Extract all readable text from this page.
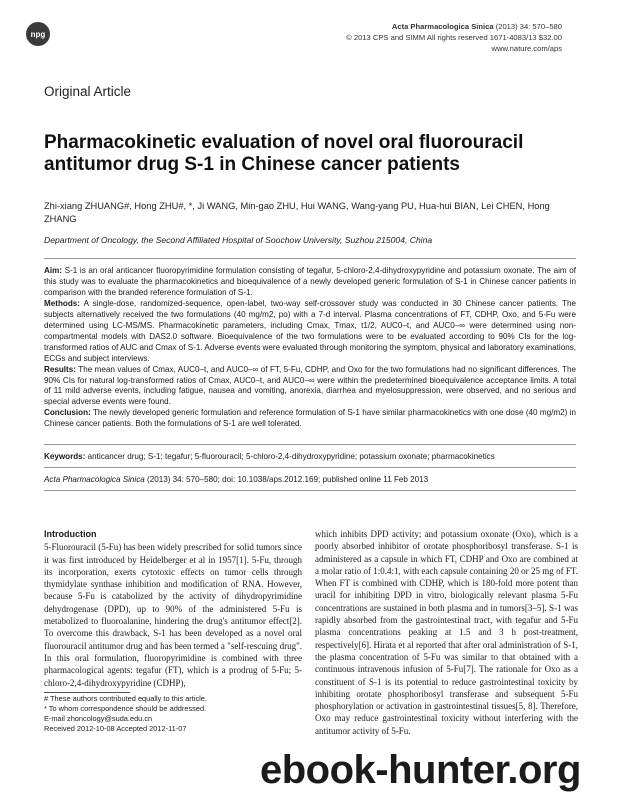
npg
Acta Pharmacologica Sinica (2013) 34: 570–580
© 2013 CPS and SIMM All rights reserved 1671-4083/13 $32.00
www.nature.com/aps
Original Article
Pharmacokinetic evaluation of novel oral fluorouracil antitumor drug S-1 in Chinese cancer patients
Zhi-xiang ZHUANG#, Hong ZHU#, *, Ji WANG, Min-gao ZHU, Hui WANG, Wang-yang PU, Hua-hui BIAN, Lei CHEN, Hong ZHANG
Department of Oncology, the Second Affiliated Hospital of Soochow University, Suzhou 215004, China

Aim: S-1 is an oral anticancer fluoropyrimidine formulation consisting of tegafur, 5-chloro-2,4-dihydroxypyridine and potassium oxonate. The aim of this study was to evaluate the pharmacokinetics and bioequivalence of a newly developed generic formulation of S-1 in Chinese cancer patients in comparison with the branded reference formulation of S-1.

Methods: A single-dose, randomized-sequence, open-label, two-way self-crossover study was conducted in 30 Chinese cancer patients. The subjects alternatively received the two formulations (40 mg/m2, po) with a 7-d interval. Plasma concentrations of FT, CDHP, Oxo, and 5-Fu were determined using LC-MS/MS. Pharmacokinetic parameters, including Cmax, Tmax, t1/2, AUC0–t, and AUC0–∞ were determined using non-compartmental models with DAS2.0 software. Bioequivalence of the two formulations were to be evaluated according to 90% CIs for the log-transformed ratios of AUC and Cmax of S-1. Adverse events were evaluated through monitoring the symptom, physical and laboratory examinations, ECGs and subject interviews.

Results: The mean values of Cmax, AUC0–t, and AUC0–∞ of FT, 5-Fu, CDHP, and Oxo for the two formulations had no significant differences. The 90% CIs for natural log-transformed ratios of Cmax, AUC0–t, and AUC0–∞ were within the predetermined bioequivalence acceptance limits. A total of 11 mild adverse events, including fatigue, nausea and vomiting, anorexia, diarrhea and myelosuppression, were observed, and no serious and special adverse events were found.

Conclusion: The newly developed generic formulation and reference formulation of S-1 have similar pharmacokinetics with one dose (40 mg/m2) in Chinese cancer patients. Both the formulations of S-1 are well tolerated.

Keywords: anticancer drug; S-1; tegafur; 5-fluorouracil; 5-chloro-2,4-dihydroxypyridine; potassium oxonate; pharmacokinetics
Acta Pharmacologica Sinica (2013) 34: 570–580; doi: 10.1038/aps.2012.169; published online 11 Feb 2013
Introduction
5-Fluorouracil (5-Fu) has been widely prescribed for solid tumors since it was first introduced by Heidelberger et al in 1957[1]. 5-Fu, through its incorporation, exerts cytotoxic effects on tumor cells through thymidylate synthase inhibition and modification of RNA. However, because 5-Fu is catabolized by the activity of dihydropyrimidine dehydrogenase (DPD), up to 90% of the administered 5-Fu is metabolized to fluoroalanine, hindering the drug's antitumor effect[2]. To overcome this drawback, S-1 has been developed as a novel oral fluorouracil antitumor drug and has been termed a "self-rescuing drug". In this oral formulation, fluoropyrimidine is combined with three pharmacological agents: tegafur (FT), which is a prodrug of 5-Fu; 5-chloro-2,4-dihydroxypyridine (CDHP),
which inhibits DPD activity; and potassium oxonate (Oxo), which is a poorly absorbed inhibitor of orotate phosphoribosyl transferase. S-1 is administered as a capsule in which FT, CDHP and Oxo are combined at a molar ratio of 1:0.4:1, with each capsule containing 20 or 25 mg of FT. When FT is combined with CDHP, which is 180-fold more potent than uracil for inhibiting DPD in vitro, biologically relevant plasma 5-Fu concentrations are sustained in both plasma and in tumors[3–5]. S-1 was rapidly absorbed from the gastrointestinal tract, with tegafur and 5-Fu plasma concentrations peaking at 1.5 and 3 h post-treatment, respectively[6]. Hirata et al reported that after oral administration of S-1, the plasma concentration of 5-Fu was similar to that obtained with a continuous intravenous infusion of 5-Fu[7]. The rationale for Oxo as a constituent of S-1 is its potential to reduce gastrointestinal toxicity by inhibiting orotate phosphoribosyl transferase and subsequent 5-Fu phosphorylation or activation in gastrointestinal tissues[5, 8]. Therefore, Oxo may reduce gastrointestinal toxicity without interfering with the antitumor activity of 5-Fu.
# These authors contributed equally to this article.
* To whom correspondence should be addressed.
E-mail zhoncology@suda.edu.cn
Received 2012-10-08 Accepted 2012-11-07
ebook-hunter.org
